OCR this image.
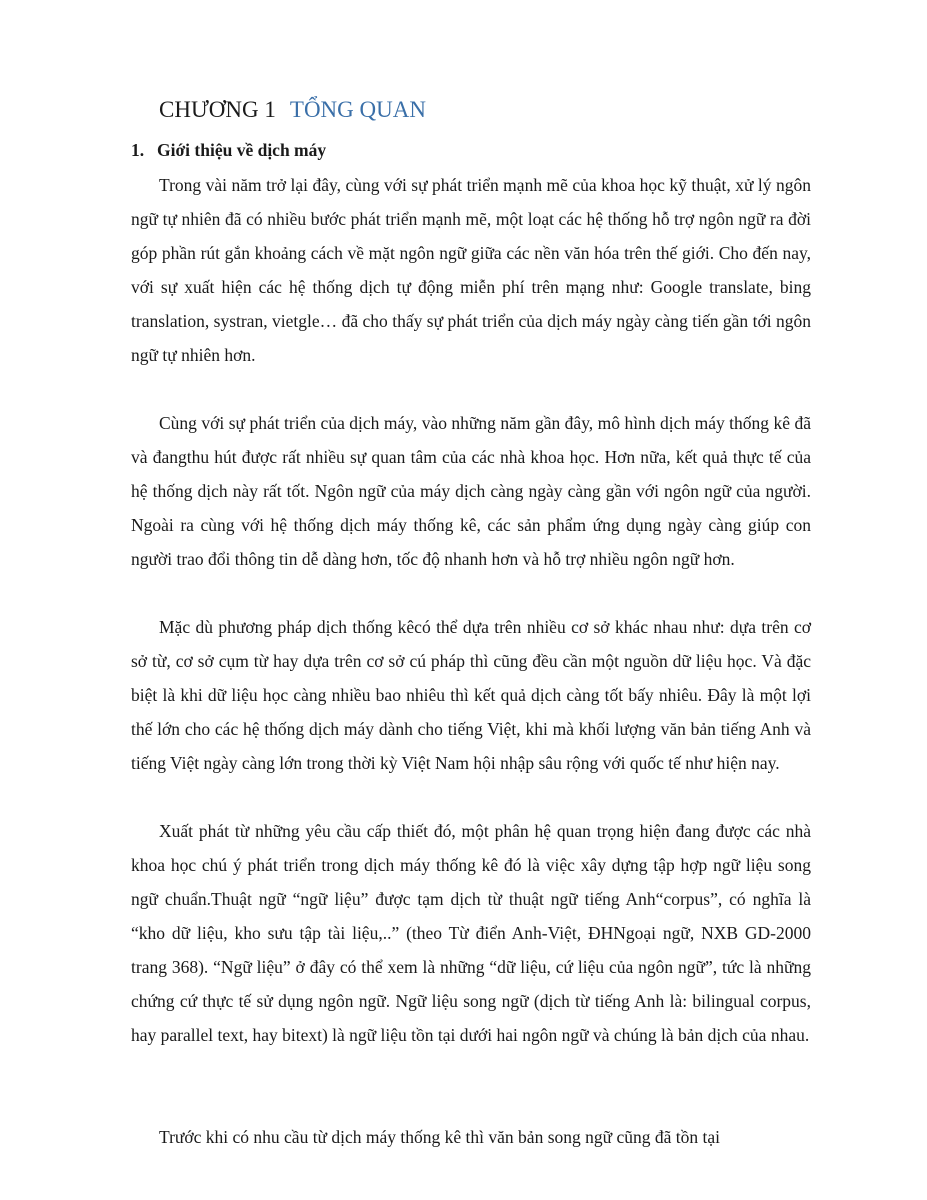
CHƯƠNG 1 TỔNG QUAN
1. Giới thiệu về dịch máy

Trong vài năm trở lại đây, cùng với sự phát triển mạnh mẽ của khoa học kỹ thuật, xử lý ngôn ngữ tự nhiên đã có nhiều bước phát triển mạnh mẽ, một loạt các hệ thống hỗ trợ ngôn ngữ ra đời góp phần rút gắn khoảng cách về mặt ngôn ngữ giữa các nền văn hóa trên thế giới. Cho đến nay, với sự xuất hiện các hệ thống dịch tự động miễn phí trên mạng như: Google translate, bing translation, systran, vietgle… đã cho thấy sự phát triển của dịch máy ngày càng tiến gần tới ngôn ngữ tự nhiên hơn.

Cùng với sự phát triển của dịch máy, vào những năm gần đây, mô hình dịch máy thống kê đã và đangthu hút được rất nhiều sự quan tâm của các nhà khoa học. Hơn nữa, kết quả thực tế của hệ thống dịch này rất tốt. Ngôn ngữ của máy dịch càng ngày càng gần với ngôn ngữ của người. Ngoài ra cùng với hệ thống dịch máy thống kê, các sản phẩm ứng dụng ngày càng giúp con người trao đổi thông tin dễ dàng hơn, tốc độ nhanh hơn và hỗ trợ nhiều ngôn ngữ hơn.

Mặc dù phương pháp dịch thống kêcó thể dựa trên nhiều cơ sở khác nhau như: dựa trên cơ sở từ, cơ sở cụm từ hay dựa trên cơ sở cú pháp thì cũng đều cần một nguồn dữ liệu học. Và đặc biệt là khi dữ liệu học càng nhiều bao nhiêu thì kết quả dịch càng tốt bấy nhiêu. Đây là một lợi thế lớn cho các hệ thống dịch máy dành cho tiếng Việt, khi mà khối lượng văn bản tiếng Anh và tiếng Việt ngày càng lớn trong thời kỳ Việt Nam hội nhập sâu rộng với quốc tế như hiện nay.

Xuất phát từ những yêu cầu cấp thiết đó, một phân hệ quan trọng hiện đang được các nhà khoa học chú ý phát triển trong dịch máy thống kê đó là việc xây dựng tập hợp ngữ liệu song ngữ chuẩn.Thuật ngữ “ngữ liệu” được tạm dịch từ thuật ngữ tiếng Anh“corpus”, có nghĩa là “kho dữ liệu, kho sưu tập tài liệu,..” (theo Từ điển Anh-Việt, ĐHNgoại ngữ, NXB GD-2000 trang 368). “Ngữ liệu” ở đây có thể xem là những “dữ liệu, cứ liệu của ngôn ngữ”, tức là những chứng cứ thực tế sử dụng ngôn ngữ. Ngữ liệu song ngữ (dịch từ tiếng Anh là: bilingual corpus, hay parallel text, hay bitext) là ngữ liệu tồn tại dưới hai ngôn ngữ và chúng là bản dịch của nhau.

Trước khi có nhu cầu từ dịch máy thống kê thì văn bản song ngữ cũng đã tồn tại
